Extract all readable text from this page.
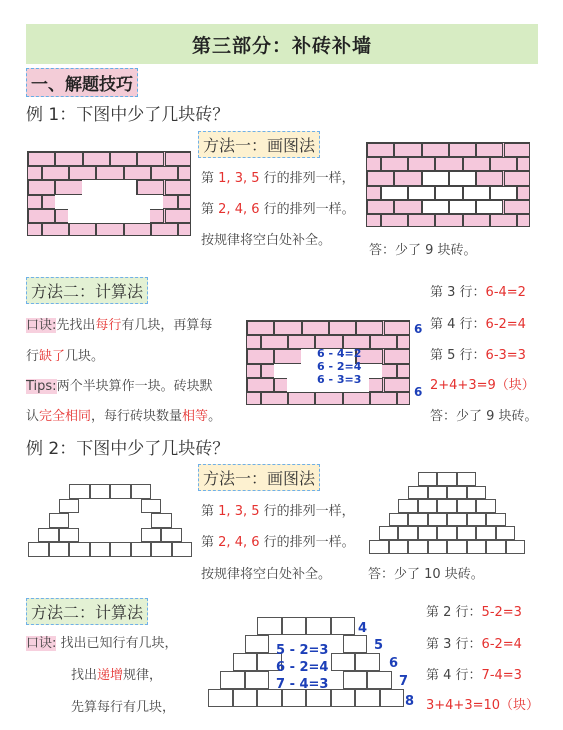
第三部分：补砖补墙
一、解题技巧
例 1：下图中少了几块砖？
方法一：画图法
第 1, 3, 5 行的排列一样，
第 2, 4, 6 行的排列一样。
按规律将空白处补全。
答：少了 9 块砖。
方法二：计算法
口诀:先找出每行有几块，再算每
行缺了几块。
Tips:两个半块算作一块。砖块默
认完全相同，每行砖块数量相等。
6 - 4=2
6 - 2=4
6 - 3=3
6
6
第 3 行：6-4=2
第 4 行：6-2=4
第 5 行：6-3=3
2+4+3=9（块）
答：少了 9 块砖。
例 2：下图中少了几块砖？
方法一：画图法
第 1, 3, 5 行的排列一样，
第 2, 4, 6 行的排列一样。
按规律将空白处补全。	答：少了 10 块砖。
方法二：计算法
口诀: 找出已知行有几块，
找出递增规律，
先算每行有几块，
5 - 2=3
6 - 2=4
7 - 4=3
4
5
6
7
8
第 2 行：5-2=3
第 3 行：6-2=4
第 4 行：7-4=3
3+4+3=10（块）
